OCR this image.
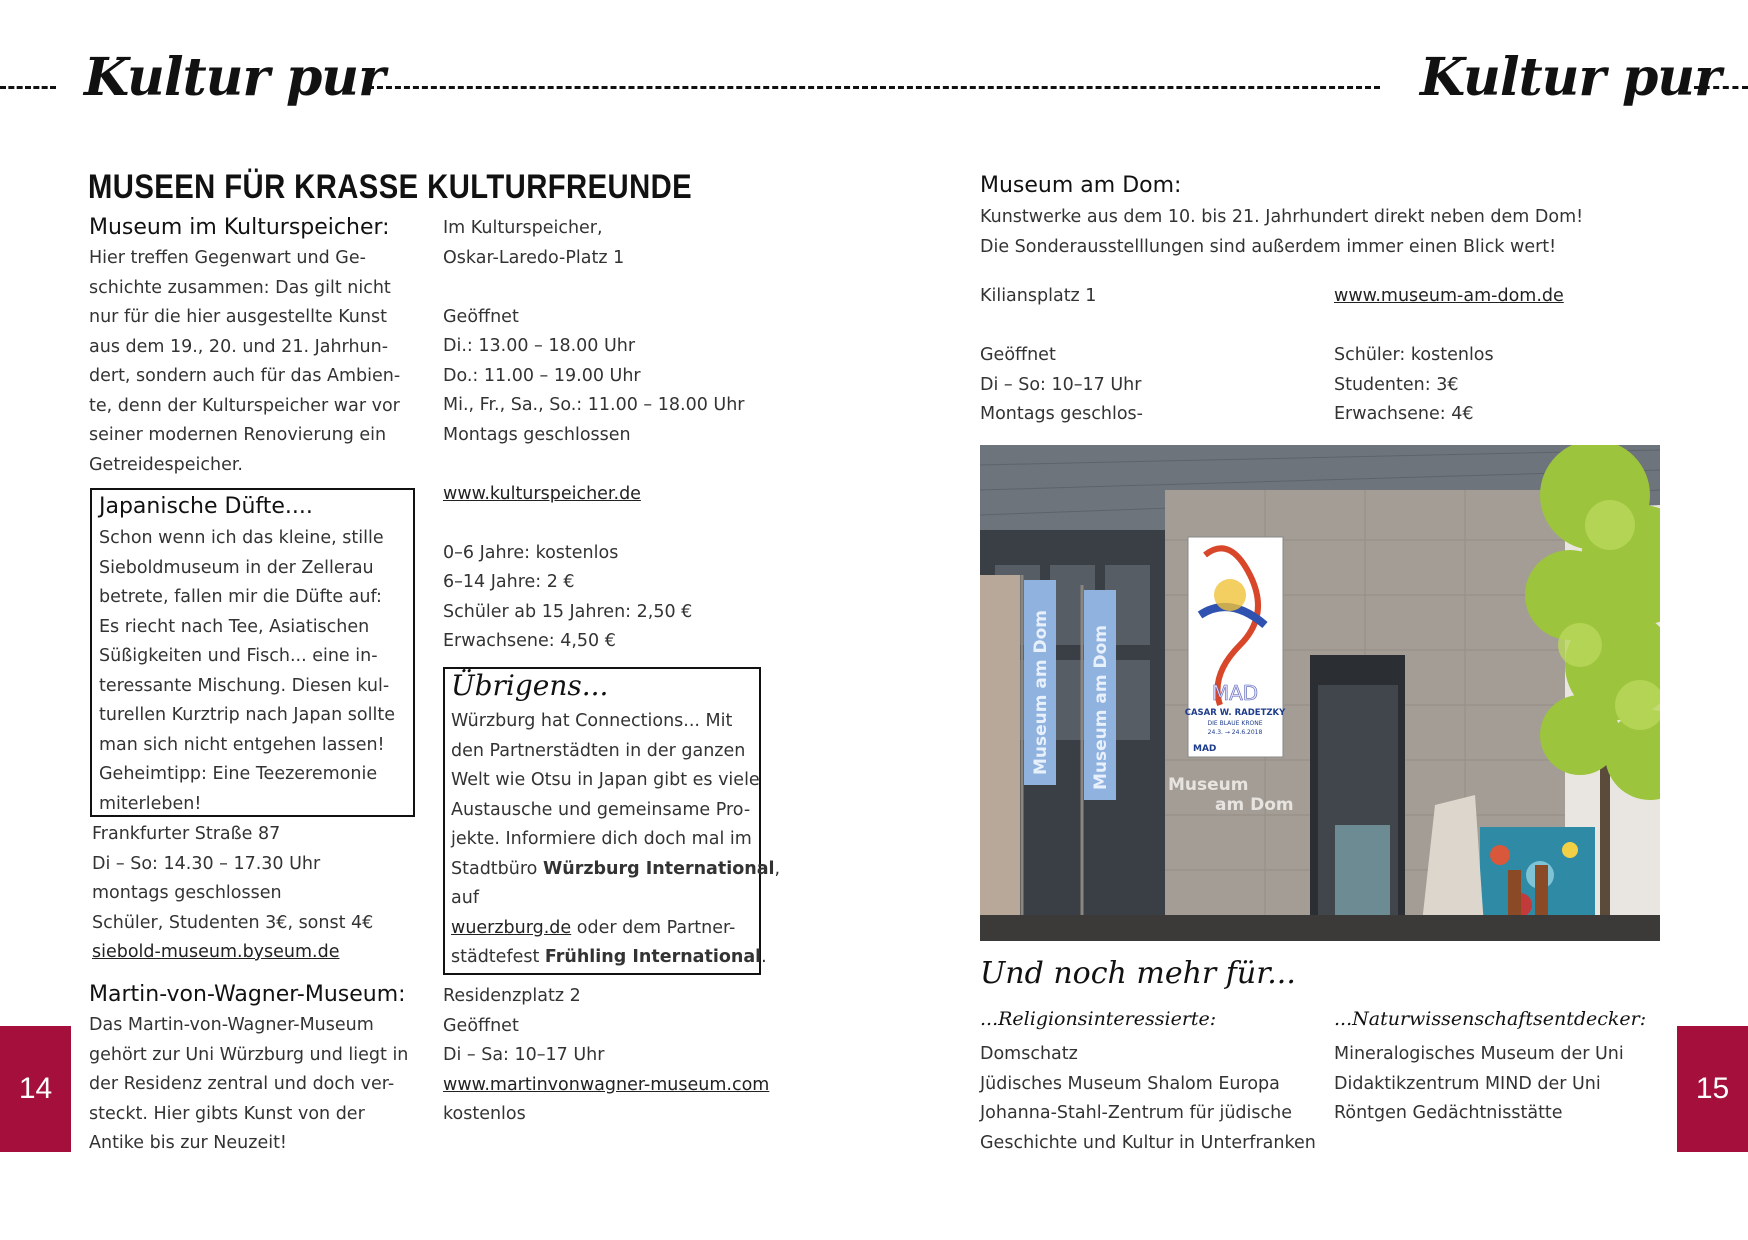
Kultur pur	Kultur pur
MUSEEN FÜR KRASSE KULTURFREUNDE
Museum im Kulturspeicher:
Hier treffen Gegenwart und Ge-
schichte zusammen: Das gilt nicht
nur für die hier ausgestellte Kunst
aus dem 19., 20. und 21. Jahrhun-
dert, sondern auch für das Ambien-
te, denn der Kulturspeicher war vor
seiner modernen Renovierung ein
Getreidespeicher.
Im Kulturspeicher,
Oskar-Laredo-Platz 1

Geöffnet
Di.: 13.00 – 18.00 Uhr
Do.: 11.00 – 19.00 Uhr
Mi., Fr., Sa., So.: 11.00 – 18.00 Uhr
Montags geschlossen

www.kulturspeicher.de

0–6 Jahre: kostenlos
6–14 Jahre: 2 €
Schüler ab 15 Jahren: 2,50 €
Erwachsene: 4,50 €
Japanische Düfte....
Schon wenn ich das kleine, stille
Sieboldmuseum in der Zellerau
betrete, fallen mir die Düfte auf:
Es riecht nach Tee, Asiatischen
Süßigkeiten und Fisch... eine in-
teressante Mischung. Diesen kul-
turellen Kurztrip nach Japan sollte
man sich nicht entgehen lassen!
Geheimtipp: Eine Teezeremonie
miterleben!
Frankfurter Straße 87
Di – So: 14.30 – 17.30 Uhr
montags geschlossen
Schüler, Studenten 3€, sonst 4€
siebold-museum.byseum.de
Übrigens...
Würzburg hat Connections... Mit
den Partnerstädten in der ganzen
Welt wie Otsu in Japan gibt es viele
Austausche und gemeinsame Pro-
jekte. Informiere dich doch mal im
Stadtbüro Würzburg International,
auf
wuerzburg.de oder dem Partner-
städtefest Frühling International.
Martin-von-Wagner-Museum:
Das Martin-von-Wagner-Museum
gehört zur Uni Würzburg und liegt in
der Residenz zentral und doch ver-
steckt. Hier gibts Kunst von der
Antike bis zur Neuzeit!
Residenzplatz 2
Geöffnet
Di – Sa: 10–17 Uhr
www.martinvonwagner-museum.com
kostenlos
14
Museum am Dom:
Kunstwerke aus dem 10. bis 21. Jahrhundert direkt neben dem Dom!
Die Sonderausstelllungen sind außerdem immer einen Blick wert!
Kiliansplatz 1

Geöffnet
Di – So: 10–17 Uhr
Montags geschlos-
www.museum-am-dom.de

Schüler: kostenlos
Studenten: 3€
Erwachsene: 4€
MAD
CASAR W. RADETZKY
DIE BLAUE KRONE
24.3. → 24.6.2018
MAD
Museum
am Dom
Museum am Dom Museum am Dom
Und noch mehr für...
...Religionsinteressierte:
Domschatz
Jüdisches Museum Shalom Europa
Johanna-Stahl-Zentrum für jüdische
Geschichte und Kultur in Unterfranken
...Naturwissenschaftsentdecker:
Mineralogisches Museum der Uni
Didaktikzentrum MIND der Uni
Röntgen Gedächtnisstätte
15
